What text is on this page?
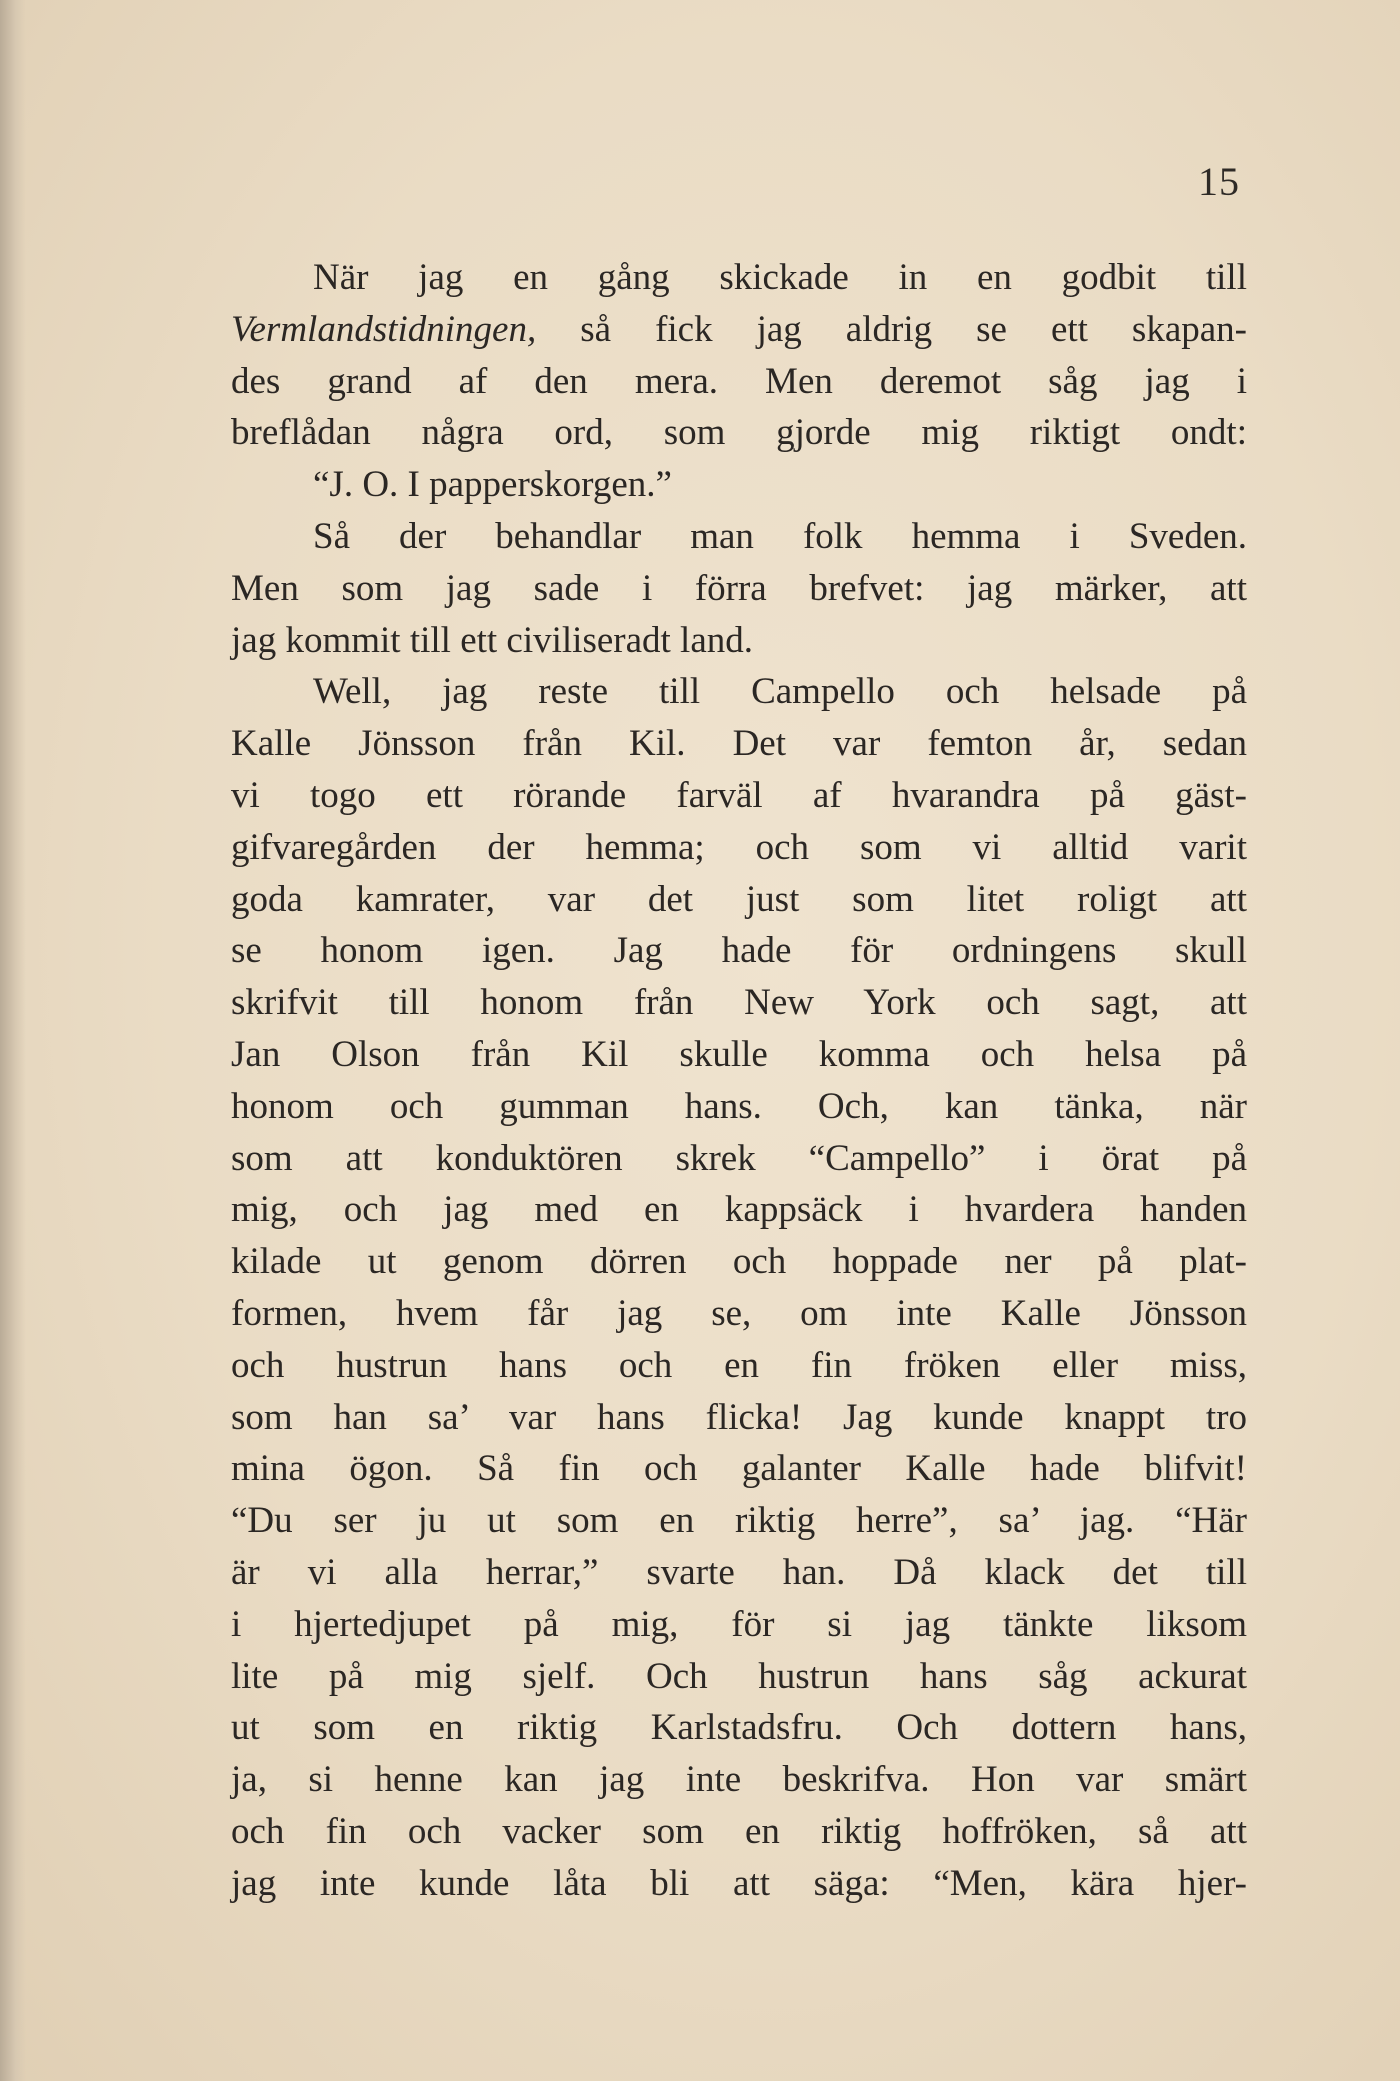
15
När jag en gång skickade in en godbit till
Vermlandstidningen, så fick jag aldrig se ett skapan-
des grand af den mera. Men deremot såg jag i
breflådan några ord, som gjorde mig riktigt ondt:
“J. O. I papperskorgen.”
Så der behandlar man folk hemma i Sveden.
Men som jag sade i förra brefvet: jag märker, att
jag kommit till ett civiliseradt land.
Well, jag reste till Campello och helsade på
Kalle Jönsson från Kil. Det var femton år, sedan
vi togo ett rörande farväl af hvarandra på gäst-
gifvaregården der hemma; och som vi alltid varit
goda kamrater, var det just som litet roligt att
se honom igen. Jag hade för ordningens skull
skrifvit till honom från New York och sagt, att
Jan Olson från Kil skulle komma och helsa på
honom och gumman hans. Och, kan tänka, när
som att konduktören skrek “Campello” i örat på
mig, och jag med en kappsäck i hvardera handen
kilade ut genom dörren och hoppade ner på plat-
formen, hvem får jag se, om inte Kalle Jönsson
och hustrun hans och en fin fröken eller miss,
som han sa’ var hans flicka! Jag kunde knappt tro
mina ögon. Så fin och galanter Kalle hade blifvit!
“Du ser ju ut som en riktig herre”, sa’ jag. “Här
är vi alla herrar,” svarte han. Då klack det till
i hjertedjupet på mig, för si jag tänkte liksom
lite på mig sjelf. Och hustrun hans såg ackurat
ut som en riktig Karlstadsfru. Och dottern hans,
ja, si henne kan jag inte beskrifva. Hon var smärt
och fin och vacker som en riktig hoffröken, så att
jag inte kunde låta bli att säga: “Men, kära hjer-
